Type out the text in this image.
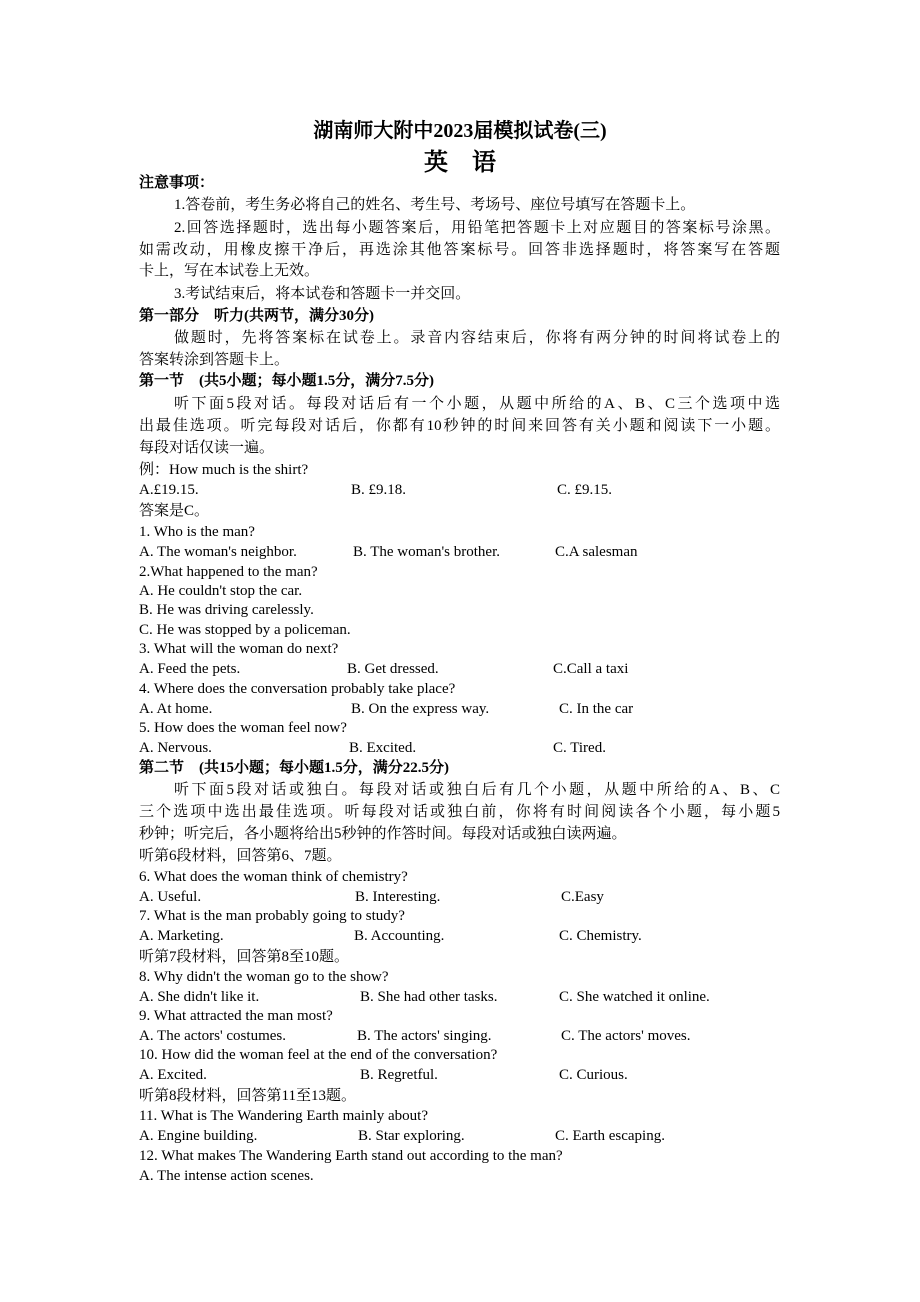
湖南师大附中2023届模拟试卷(三)
英　语
注意事项：
1.答卷前，考生务必将自己的姓名、考生号、考场号、座位号填写在答题卡上。
2.回答选择题时，选出每小题答案后，用铅笔把答题卡上对应题目的答案标号涂黑。
如需改动，用橡皮擦干净后，再选涂其他答案标号。回答非选择题时，将答案写在答题
卡上，写在本试卷上无效。
3.考试结束后，将本试卷和答题卡一并交回。
第一部分　听力(共两节，满分30分)
做题时，先将答案标在试卷上。录音内容结束后，你将有两分钟的时间将试卷上的
答案转涂到答题卡上。
第一节　(共5小题；每小题1.5分，满分7.5分)
听下面5段对话。每段对话后有一个小题，从题中所给的A、B、C三个选项中选
出最佳选项。听完每段对话后，你都有10秒钟的时间来回答有关小题和阅读下一小题。
每段对话仅读一遍。
例：How much is the shirt?
A.£19.15.	B. £9.18.	C. £9.15.
答案是C。
第二节　(共15小题；每小题1.5分，满分22.5分)
听下面5段对话或独白。每段对话或独白后有几个小题，从题中所给的A、B、C
三个选项中选出最佳选项。听每段对话或独白前，你将有时间阅读各个小题，每小题5
秒钟；听完后，各小题将给出5秒钟的作答时间。每段对话或独白读两遍。
听第6段材料，回答第6、7题。
听第7段材料，回答第8至10题。
听第8段材料，回答第11至13题。
1. Who is the man?
A. The woman's neighbor.	B. The woman's brother.	C.A salesman
2.What happened to the man?
A. He couldn't stop the car.
B. He was driving carelessly.
C. He was stopped by a policeman.
3. What will the woman do next?
A. Feed the pets.	B. Get dressed.	C.Call a taxi
4. Where does the conversation probably take place?
A. At home.	B. On the express way.	C. In the car
5. How does the woman feel now?
A. Nervous.	B. Excited.	C. Tired.
6. What does the woman think of chemistry?
A. Useful.	B. Interesting.	C.Easy
7. What is the man probably going to study?
A. Marketing.	B. Accounting.	C. Chemistry.
8. Why didn't the woman go to the show?
A. She didn't like it.	B. She had other tasks.	C. She watched it online.
9. What attracted the man most?
A. The actors' costumes.	B. The actors' singing.	C. The actors' moves.
10. How did the woman feel at the end of the conversation?
A. Excited.	B. Regretful.	C. Curious.
11. What is The Wandering Earth mainly about?
A. Engine building.	B. Star exploring.	C. Earth escaping.
12. What makes The Wandering Earth stand out according to the man?
A. The intense action scenes.
